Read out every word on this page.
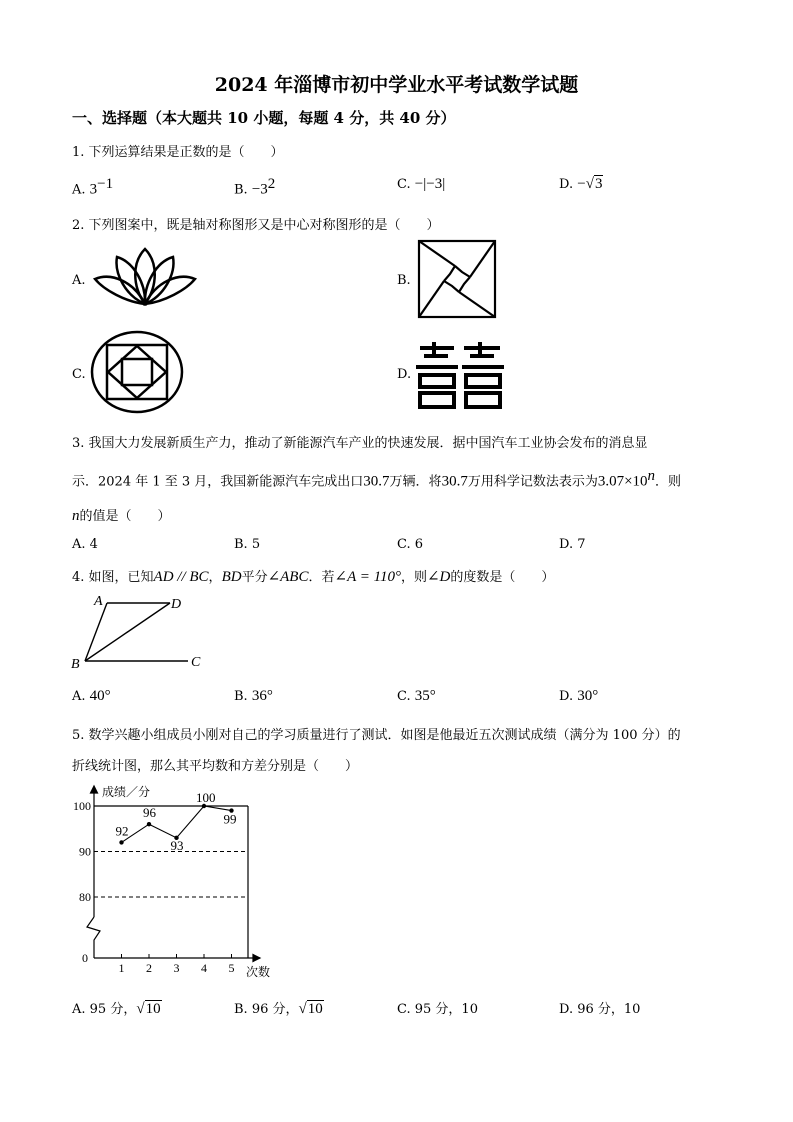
2024 年淄博市初中学业水平考试数学试题
一、选择题（本大题共 10 小题，每题 4 分，共 40 分）
1. 下列运算结果是正数的是（　　）
A. $3^{-1}$	B. $-3^2$	C. −|−3|	D. −√3
2. 下列图案中，既是轴对称图形又是中心对称图形的是（　　）
A.	B.
C.	D.
3. 我国大力发展新质生产力，推动了新能源汽车产业的快速发展．据中国汽车工业协会发布的消息显
示．2024 年 1 至 3 月，我国新能源汽车完成出口30.7万辆．将30.7万用科学记数法表示为$3.07\times 10^n$．则
n的值是（　　）
A. 4	B. 5	C. 6	D. 7
4. 如图，已知AD // BC，BD平分∠ABC．若∠A = 110°，则∠D的度数是（　　）
A	D
B	C
A. 40°	B. 36°	C. 35°	D. 30°
5. 数学兴趣小组成员小刚对自己的学习质量进行了测试．如图是他最近五次测试成绩（满分为 100 分）的
折线统计图，那么其平均数和方差分别是（　　）
1 2 3 4 5
80
90
100
92
96
93
100
99
成绩／分
次数
0
A. 95 分，√10	B. 96 分，√10	C. 95 分，10	D. 96 分，10
